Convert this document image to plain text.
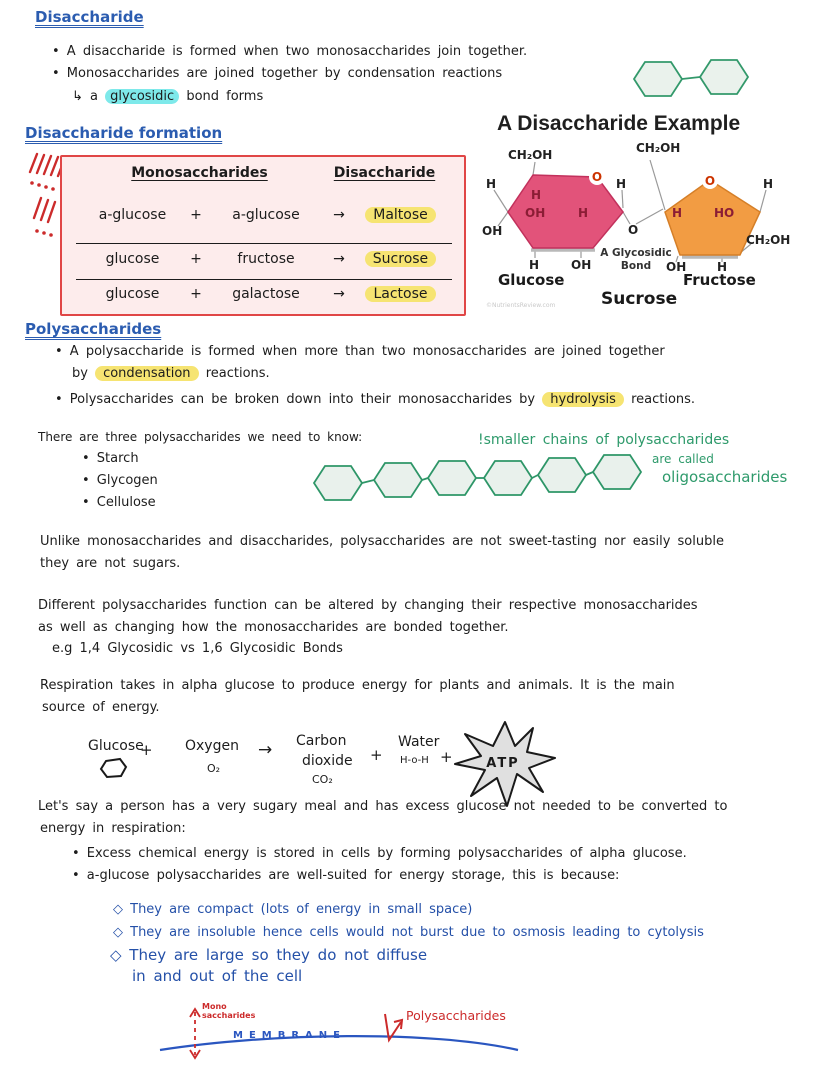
Disaccharide
• A disaccharide is formed when two monosaccharides join together.
• Monosaccharides are joined together by condensation reactions
↳ a glycosidic bond forms
Disaccharide formation
Monosaccharides	Disaccharide
a-glucose	+	a-glucose	→	Maltose
glucose	+	fructose	→	Sucrose
glucose	+	galactose	→	Lactose
A Disaccharide Example
CH₂OH
H
OH
H
H	OH
CH₂OH
H
CH₂OH
OH	H
O
H
OH	H	H	HO
O	O
A Glycosidic
Bond
Glucose	Fructose
Sucrose
©NutrientsReview.com
Polysaccharides
• A polysaccharide is formed when more than two monosaccharides are joined together
by condensation reactions.
• Polysaccharides can be broken down into their monosaccharides by hydrolysis reactions.
There are three polysaccharides we need to know:
• Starch
• Glycogen
• Cellulose
!smaller chains of polysaccharides
are called
oligosaccharides
Unlike monosaccharides and disaccharides, polysaccharides are not sweet-tasting nor easily soluble
they are not sugars.
Different polysaccharides function can be altered by changing their respective monosaccharides
as well as changing how the monosaccharides are bonded together.
e.g 1,4 Glycosidic vs 1,6 Glycosidic Bonds
Respiration takes in alpha glucose to produce energy for plants and animals. It is the main
source of energy.
Glucose
+ Oxygen
O₂
→ Carbon
dioxide
CO₂
+
Water
H-o-H +	ATP
Let's say a person has a very sugary meal and has excess glucose not needed to be converted to
energy in respiration:
• Excess chemical energy is stored in cells by forming polysaccharides of alpha glucose.
• a-glucose polysaccharides are well-suited for energy storage, this is because:
◇ They are compact (lots of energy in small space)
◇ They are insoluble hence cells would not burst due to osmosis leading to cytolysis
◇ They are large so they do not diffuse
in and out of the cell
Mono
saccharides
MEMBRANE
Polysaccharides
